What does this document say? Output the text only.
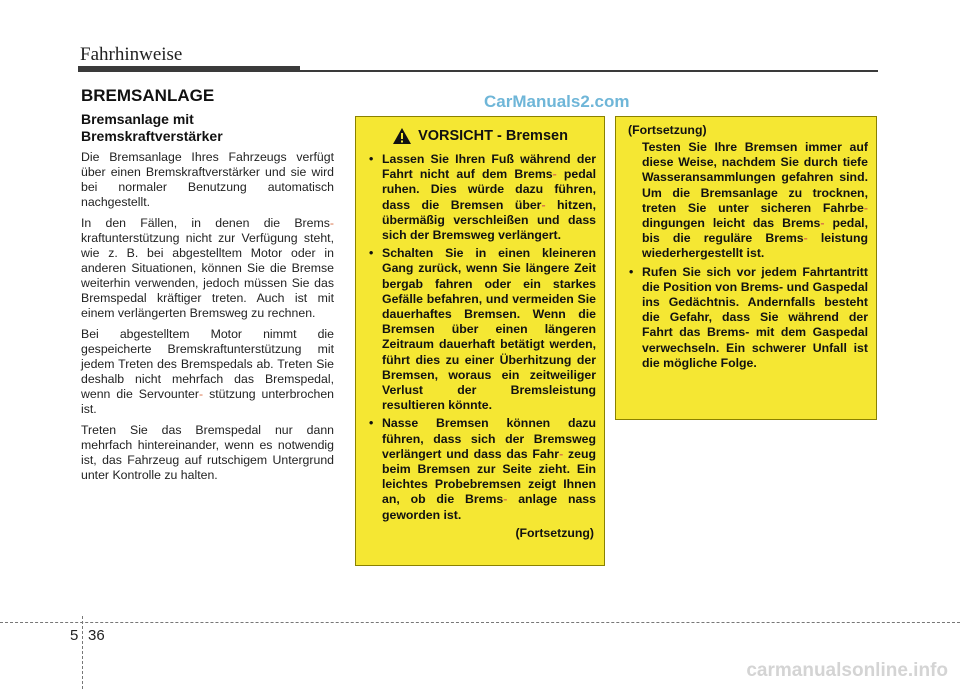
Fahrhinweise
CarManuals2.com
BREMSANLAGE
Bremsanlage mit Bremskraftverstärker

Die Bremsanlage Ihres Fahrzeugs verfügt über einen Bremskraftverstärker und sie wird bei normaler Benutzung automatisch nachgestellt.

In den Fällen, in denen die Brems- kraftunterstützung nicht zur Verfügung steht, wie z. B. bei abgestelltem Motor oder in anderen Situationen, können Sie die Bremse weiterhin verwenden, jedoch müssen Sie das Bremspedal kräftiger treten. Auch ist mit einem verlängerten Bremsweg zu rechnen.

Bei abgestelltem Motor nimmt die gespeicherte Bremskraftunterstützung mit jedem Treten des Bremspedals ab. Treten Sie deshalb nicht mehrfach das Bremspedal, wenn die Servounter- stützung unterbrochen ist.

Treten Sie das Bremspedal nur dann mehrfach hintereinander, wenn es notwendig ist, das Fahrzeug auf rutschigem Untergrund unter Kontrolle zu halten.

VORSICHT - Bremsen
• Lassen Sie Ihren Fuß während der Fahrt nicht auf dem Brems- pedal ruhen. Dies würde dazu führen, dass die Bremsen über- hitzen, übermäßig verschleißen und dass sich der Bremsweg verlängert.
• Schalten Sie in einen kleineren Gang zurück, wenn Sie längere Zeit bergab fahren oder ein starkes Gefälle befahren, und vermeiden Sie dauerhaftes Bremsen. Wenn die Bremsen über einen längeren Zeitraum dauerhaft betätigt werden, führt dies zu einer Überhitzung der Bremsen, woraus ein zeitweiliger Verlust der Bremsleistung resultieren könnte.
• Nasse Bremsen können dazu führen, dass sich der Bremsweg verlängert und dass das Fahr- zeug beim Bremsen zur Seite zieht. Ein leichtes Probebremsen zeigt Ihnen an, ob die Brems- anlage nass geworden ist.
(Fortsetzung)
(Fortsetzung)

Testen Sie Ihre Bremsen immer auf diese Weise, nachdem Sie durch tiefe Wasseransammlungen gefahren sind. Um die Bremsanlage zu trocknen, treten Sie unter sicheren Fahrbe- dingungen leicht das Brems- pedal, bis die reguläre Brems- leistung wiederhergestellt ist.

• Rufen Sie sich vor jedem Fahrtantritt die Position von Brems- und Gaspedal ins Gedächtnis. Andernfalls besteht die Gefahr, dass Sie während der Fahrt das Brems- mit dem Gaspedal verwechseln. Ein schwerer Unfall ist die mögliche Folge.
5 36
carmanualsonline.info
